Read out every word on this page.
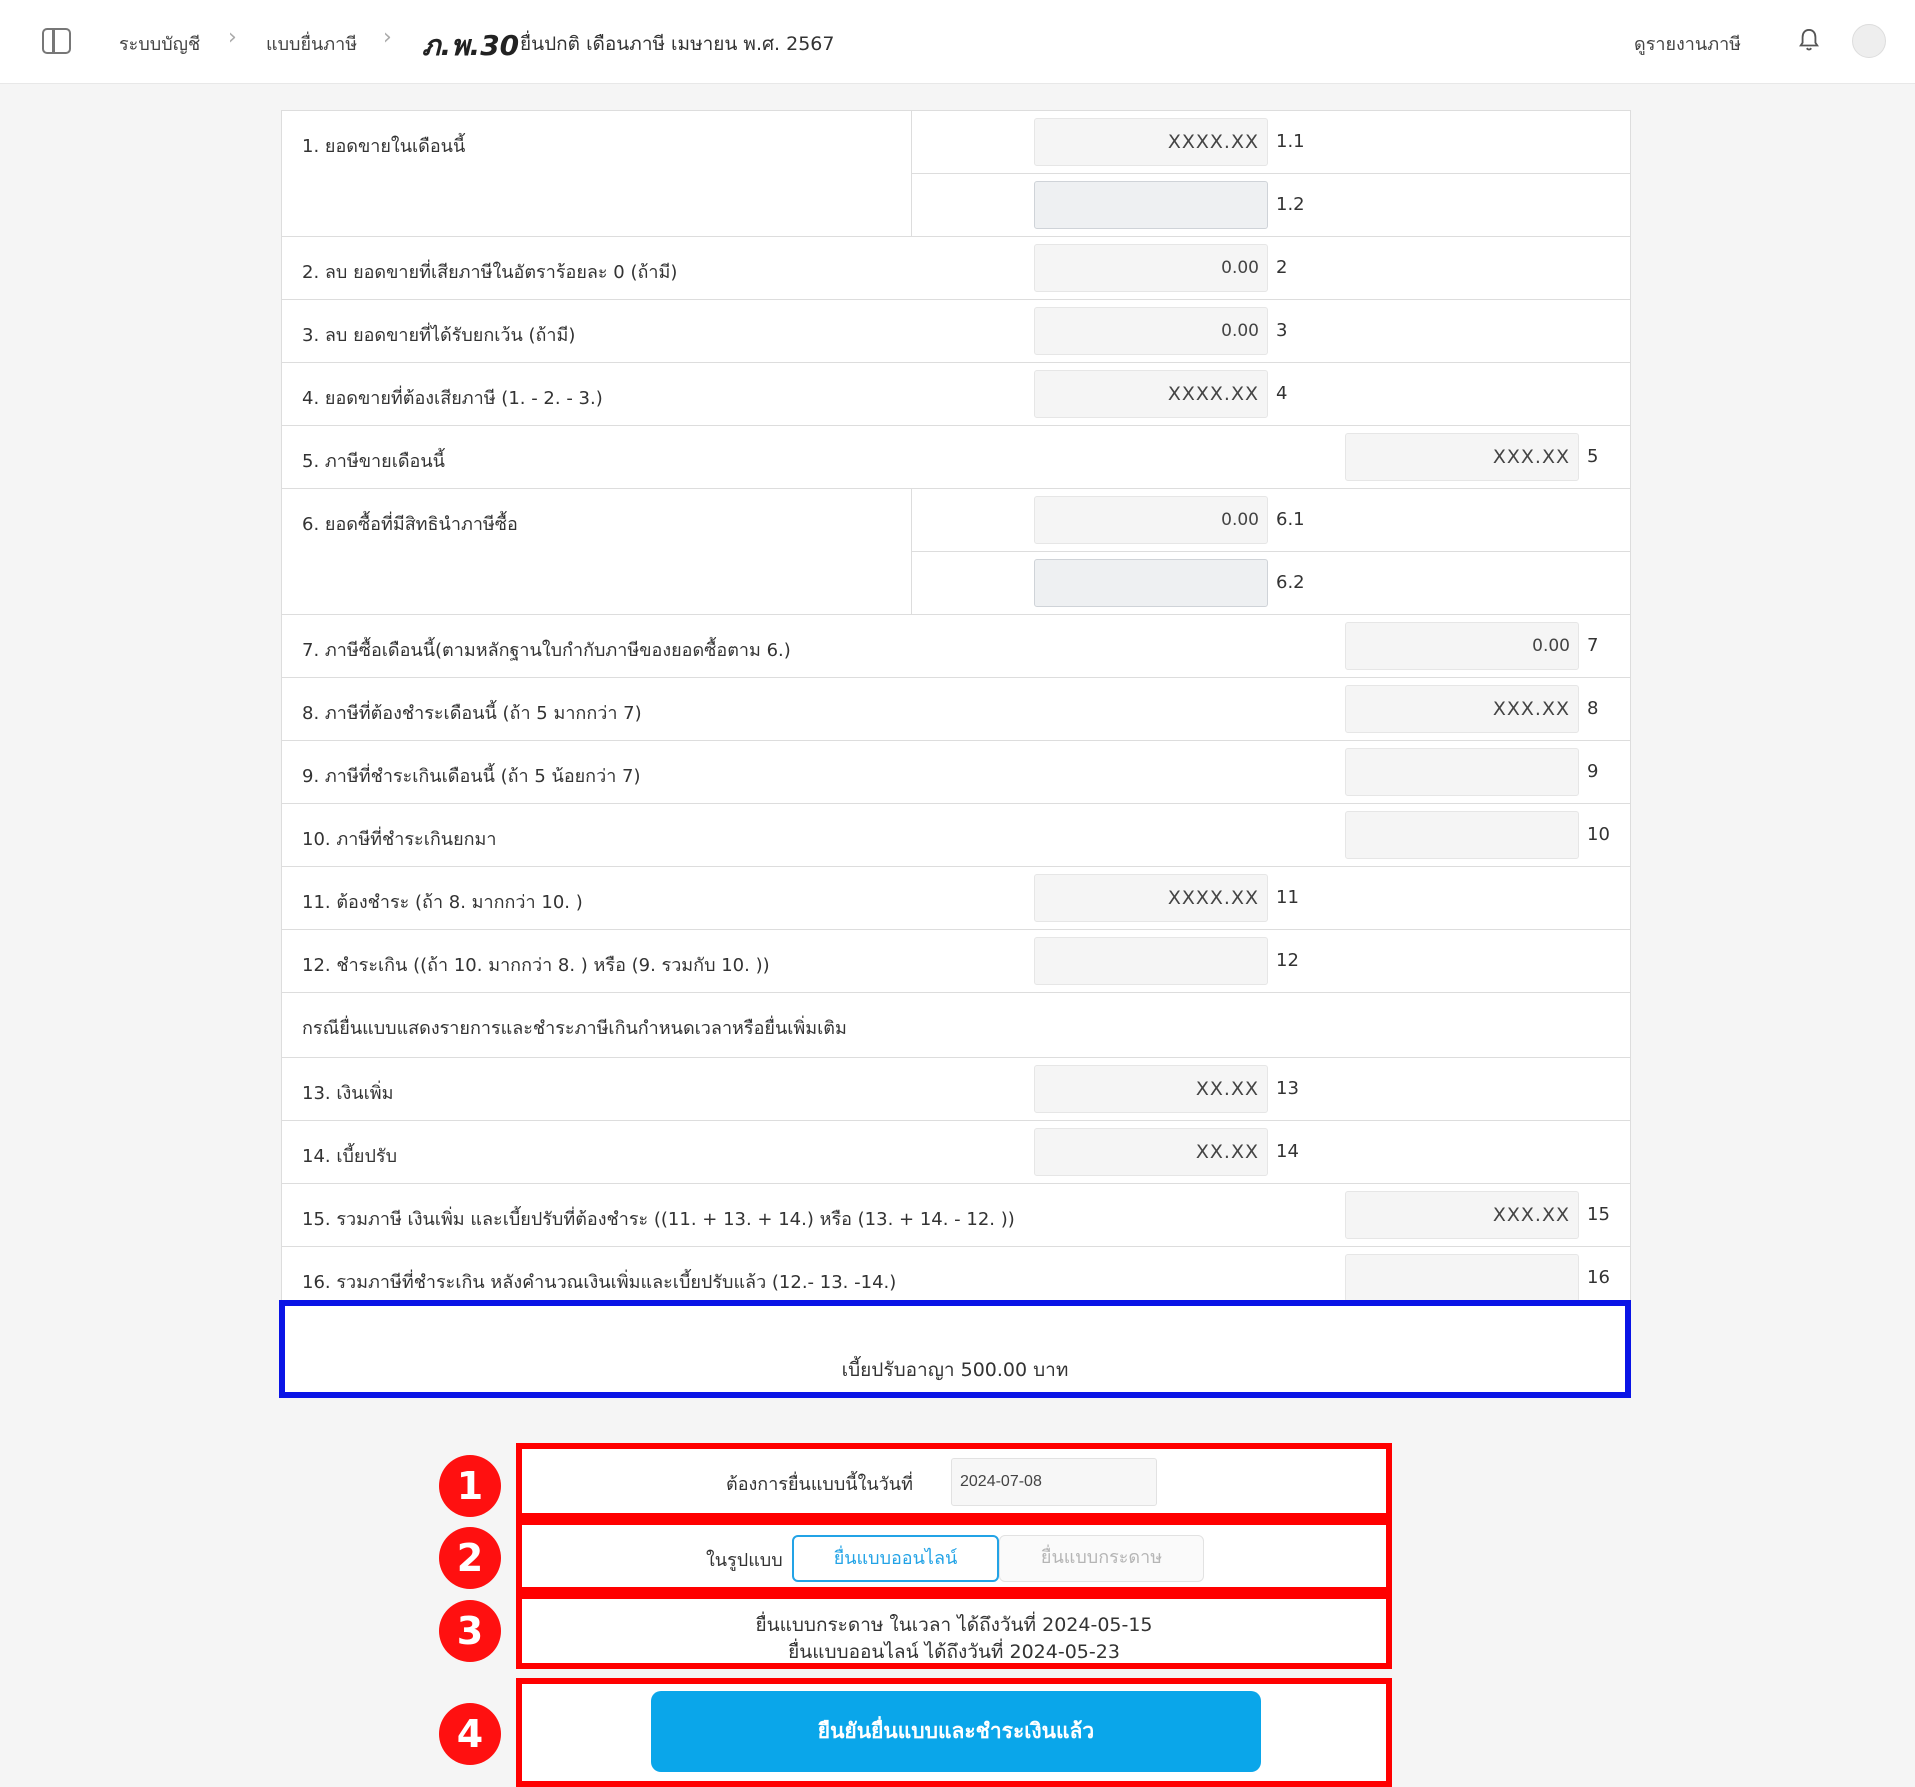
ระบบบัญชี › แบบยื่นภาษี › ภ.พ.30 ยื่นปกติ เดือนภาษี เมษายน พ.ศ. 2567	ดูรายงานภาษี
1. ยอดขายในเดือนนี้	XXXX.XX 1.1
1.2
2. ลบ ยอดขายที่เสียภาษีในอัตราร้อยละ 0 (ถ้ามี)	0.00 2
3. ลบ ยอดขายที่ได้รับยกเว้น (ถ้ามี)	0.00 3
4. ยอดขายที่ต้องเสียภาษี (1. - 2. - 3.)	XXXX.XX 4
5. ภาษีขายเดือนนี้	XXX.XX 5
6. ยอดซื้อที่มีสิทธินำภาษีซื้อ	0.00 6.1
6.2
7. ภาษีซื้อเดือนนี้(ตามหลักฐานใบกำกับภาษีของยอดซื้อตาม 6.)	0.00 7
8. ภาษีที่ต้องชำระเดือนนี้ (ถ้า 5 มากกว่า 7)	XXX.XX 8
9. ภาษีที่ชำระเกินเดือนนี้ (ถ้า 5 น้อยกว่า 7)	9
10. ภาษีที่ชำระเกินยกมา	10
11. ต้องชำระ (ถ้า 8. มากกว่า 10. )	XXXX.XX 11
12. ชำระเกิน ((ถ้า 10. มากกว่า 8. ) หรือ (9. รวมกับ 10. ))	12
กรณียื่นแบบแสดงรายการและชำระภาษีเกินกำหนดเวลาหรือยื่นเพิ่มเติม
13. เงินเพิ่ม	XX.XX 13
14. เบี้ยปรับ	XX.XX 14
15. รวมภาษี เงินเพิ่ม และเบี้ยปรับที่ต้องชำระ ((11. + 13. + 14.) หรือ (13. + 14. - 12. ))	XXX.XX 15
16. รวมภาษีที่ชำระเกิน หลังคำนวณเงินเพิ่มและเบี้ยปรับแล้ว (12.- 13. -14.)	16
เบี้ยปรับอาญา 500.00 บาท
1
2
3
4
ต้องการยื่นแบบนี้ในวันที่	2024-07-08
ในรูปแบบ	ยื่นแบบออนไลน์	ยื่นแบบกระดาษ
ยื่นแบบกระดาษ ในเวลา ได้ถึงวันที่ 2024-05-15
ยื่นแบบออนไลน์ ได้ถึงวันที่ 2024-05-23
ยืนยันยื่นแบบและชำระเงินแล้ว
